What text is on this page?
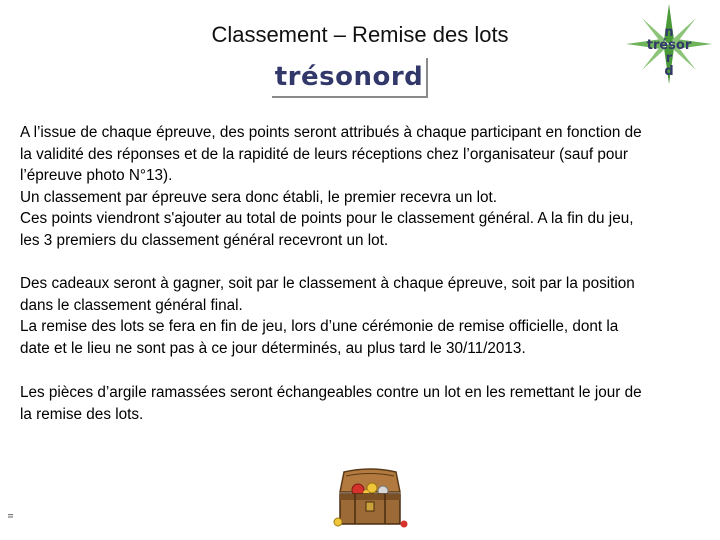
Classement – Remise des lots
trésonord
n
trésor
r
d
A l’issue de chaque épreuve, des points seront attribués à chaque participant en fonction de
la validité des réponses et de la rapidité de leurs réceptions chez l’organisateur (sauf pour
l’épreuve photo N°13).
Un classement par épreuve sera donc établi, le premier recevra un lot.
Ces points viendront s'ajouter au total de points pour le classement général. A la fin du jeu,
les 3 premiers du classement général recevront un lot.
Des cadeaux seront à gagner, soit par le classement à chaque épreuve, soit par la position
dans le classement général final.
La remise des lots se fera en fin de jeu, lors d’une cérémonie de remise officielle, dont la
date et le lieu ne sont pas à ce jour déterminés, au plus tard le 30/11/2013.
Les pièces d’argile ramassées seront échangeables contre un lot en les remettant le jour de
la remise des lots.
